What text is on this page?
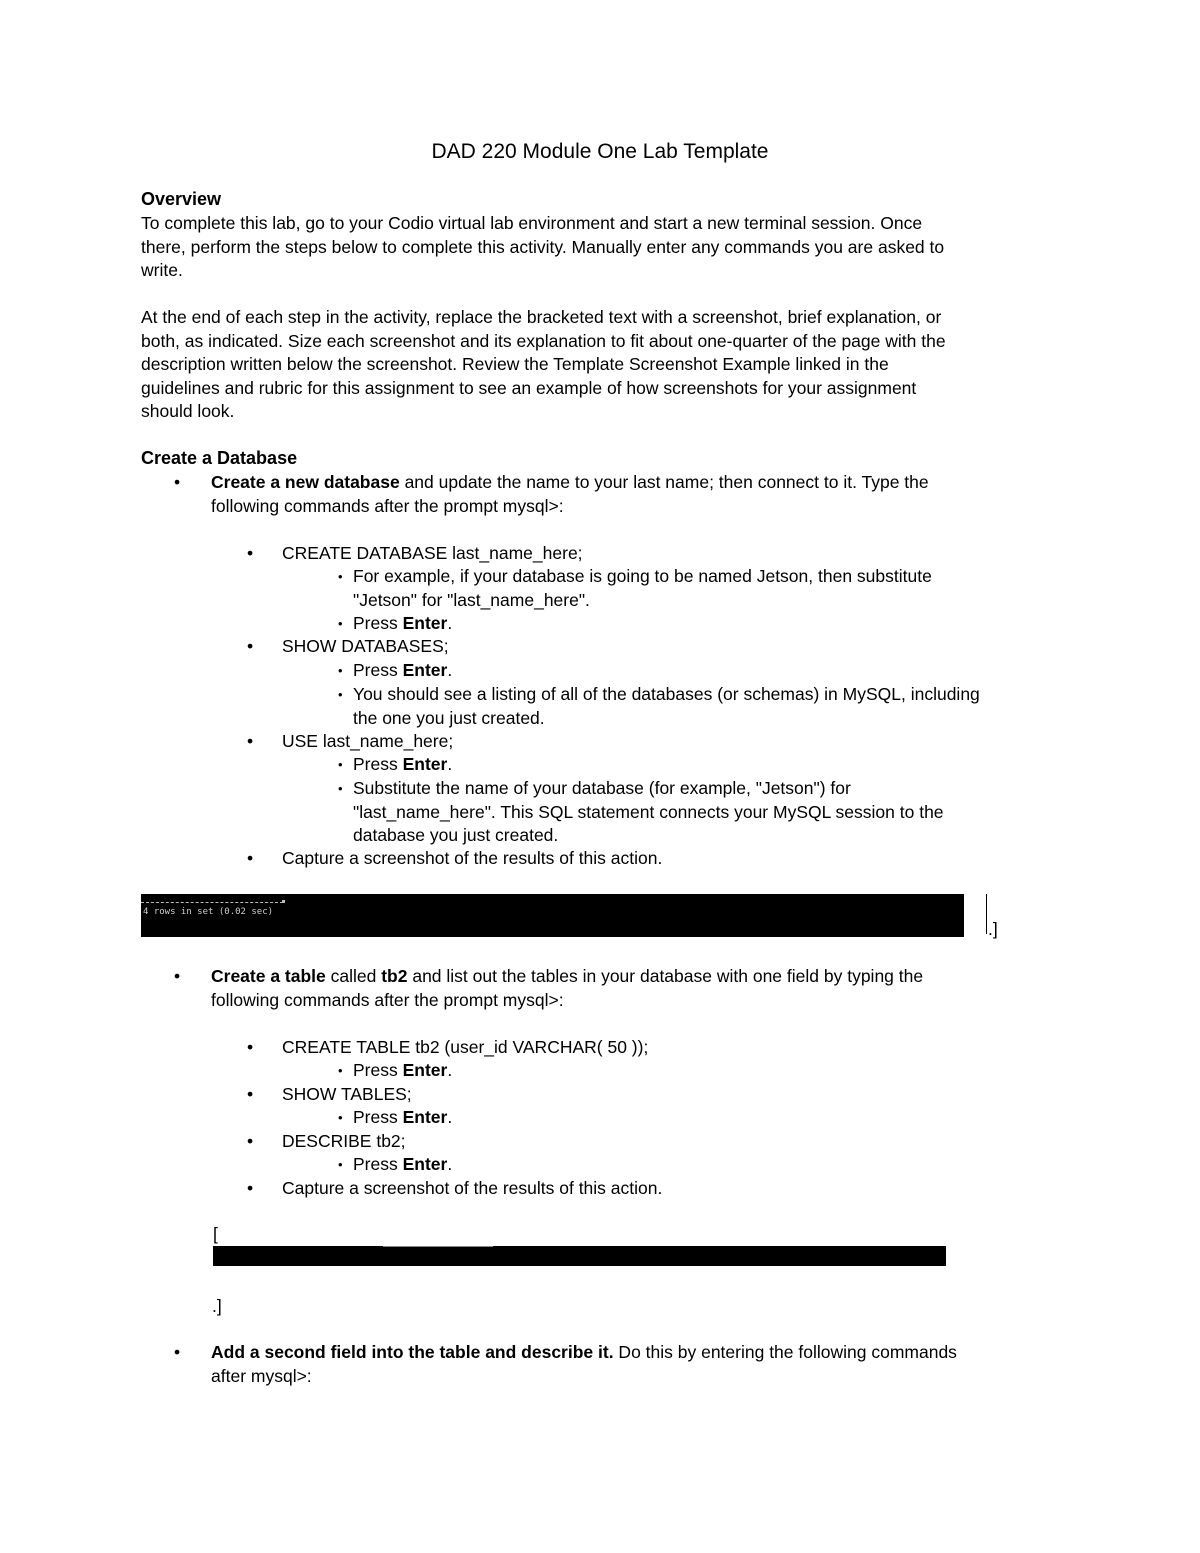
DAD 220 Module One Lab Template
Overview
To complete this lab, go to your Codio virtual lab environment and start a new terminal session. Once
there, perform the steps below to complete this activity. Manually enter any commands you are asked to
write.
At the end of each step in the activity, replace the bracketed text with a screenshot, brief explanation, or
both, as indicated. Size each screenshot and its explanation to fit about one-quarter of the page with the
description written below the screenshot. Review the Template Screenshot Example linked in the
guidelines and rubric for this assignment to see an example of how screenshots for your assignment
should look.
Create a Database
• Create a new database and update the name to your last name; then connect to it. Type the
following commands after the prompt mysql>:
• CREATE DATABASE last_name_here;
• For example, if your database is going to be named Jetson, then substitute
"Jetson" for "last_name_here".
• Press Enter.
• SHOW DATABASES;
• Press Enter.
• You should see a listing of all of the databases (or schemas) in MySQL, including
the one you just created.
• USE last_name_here;
• Press Enter.
• Substitute the name of your database (for example, "Jetson") for
"last_name_here". This SQL statement connects your MySQL session to the
database you just created.
• Capture a screenshot of the results of this action.
4 rows in set (0.02 sec)
.]
• Create a table called tb2 and list out the tables in your database with one field by typing the
following commands after the prompt mysql>:
• CREATE TABLE tb2 (user_id VARCHAR( 50 ));
• Press Enter.
• SHOW TABLES;
• Press Enter.
• DESCRIBE tb2;
• Press Enter.
• Capture a screenshot of the results of this action.
[
.]
• Add a second field into the table and describe it. Do this by entering the following commands
after mysql>:
